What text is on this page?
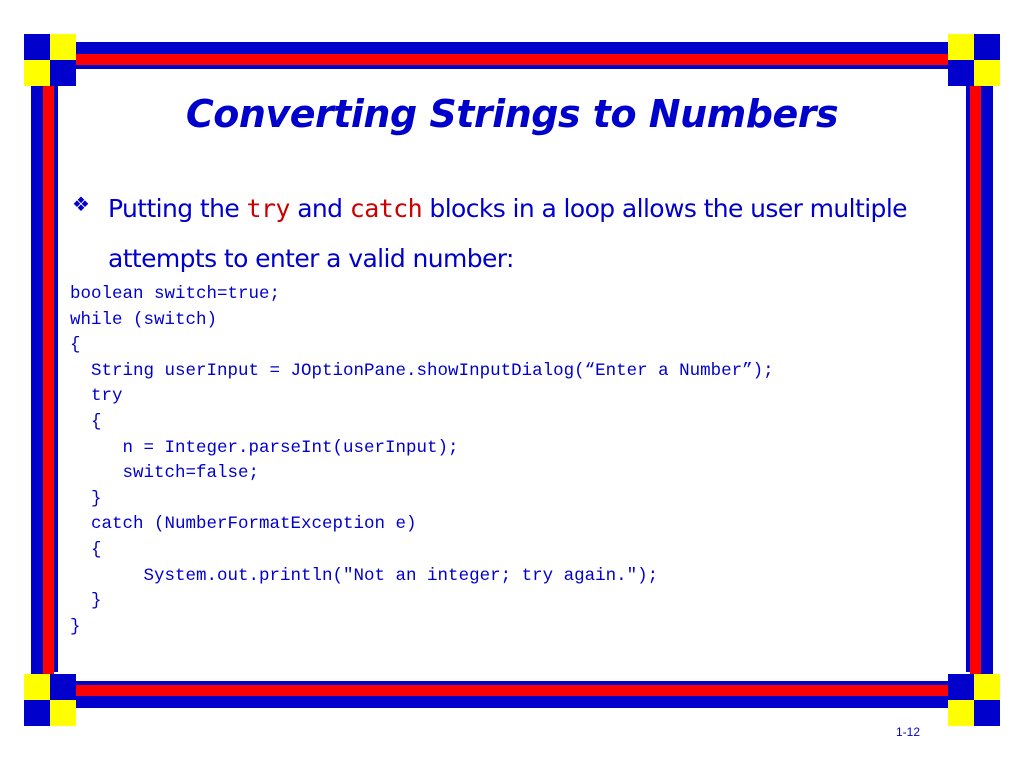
Converting Strings to Numbers
❖ Putting the try and catch blocks in a loop allows the user multiple attempts to enter a valid number:
boolean switch=true;
while (switch)
{
String userInput = JOptionPane.showInputDialog(“Enter a Number”);
try
{
n = Integer.parseInt(userInput);
switch=false;
}
catch (NumberFormatException e)
{
System.out.println("Not an integer; try again.");
}
}
1-12
